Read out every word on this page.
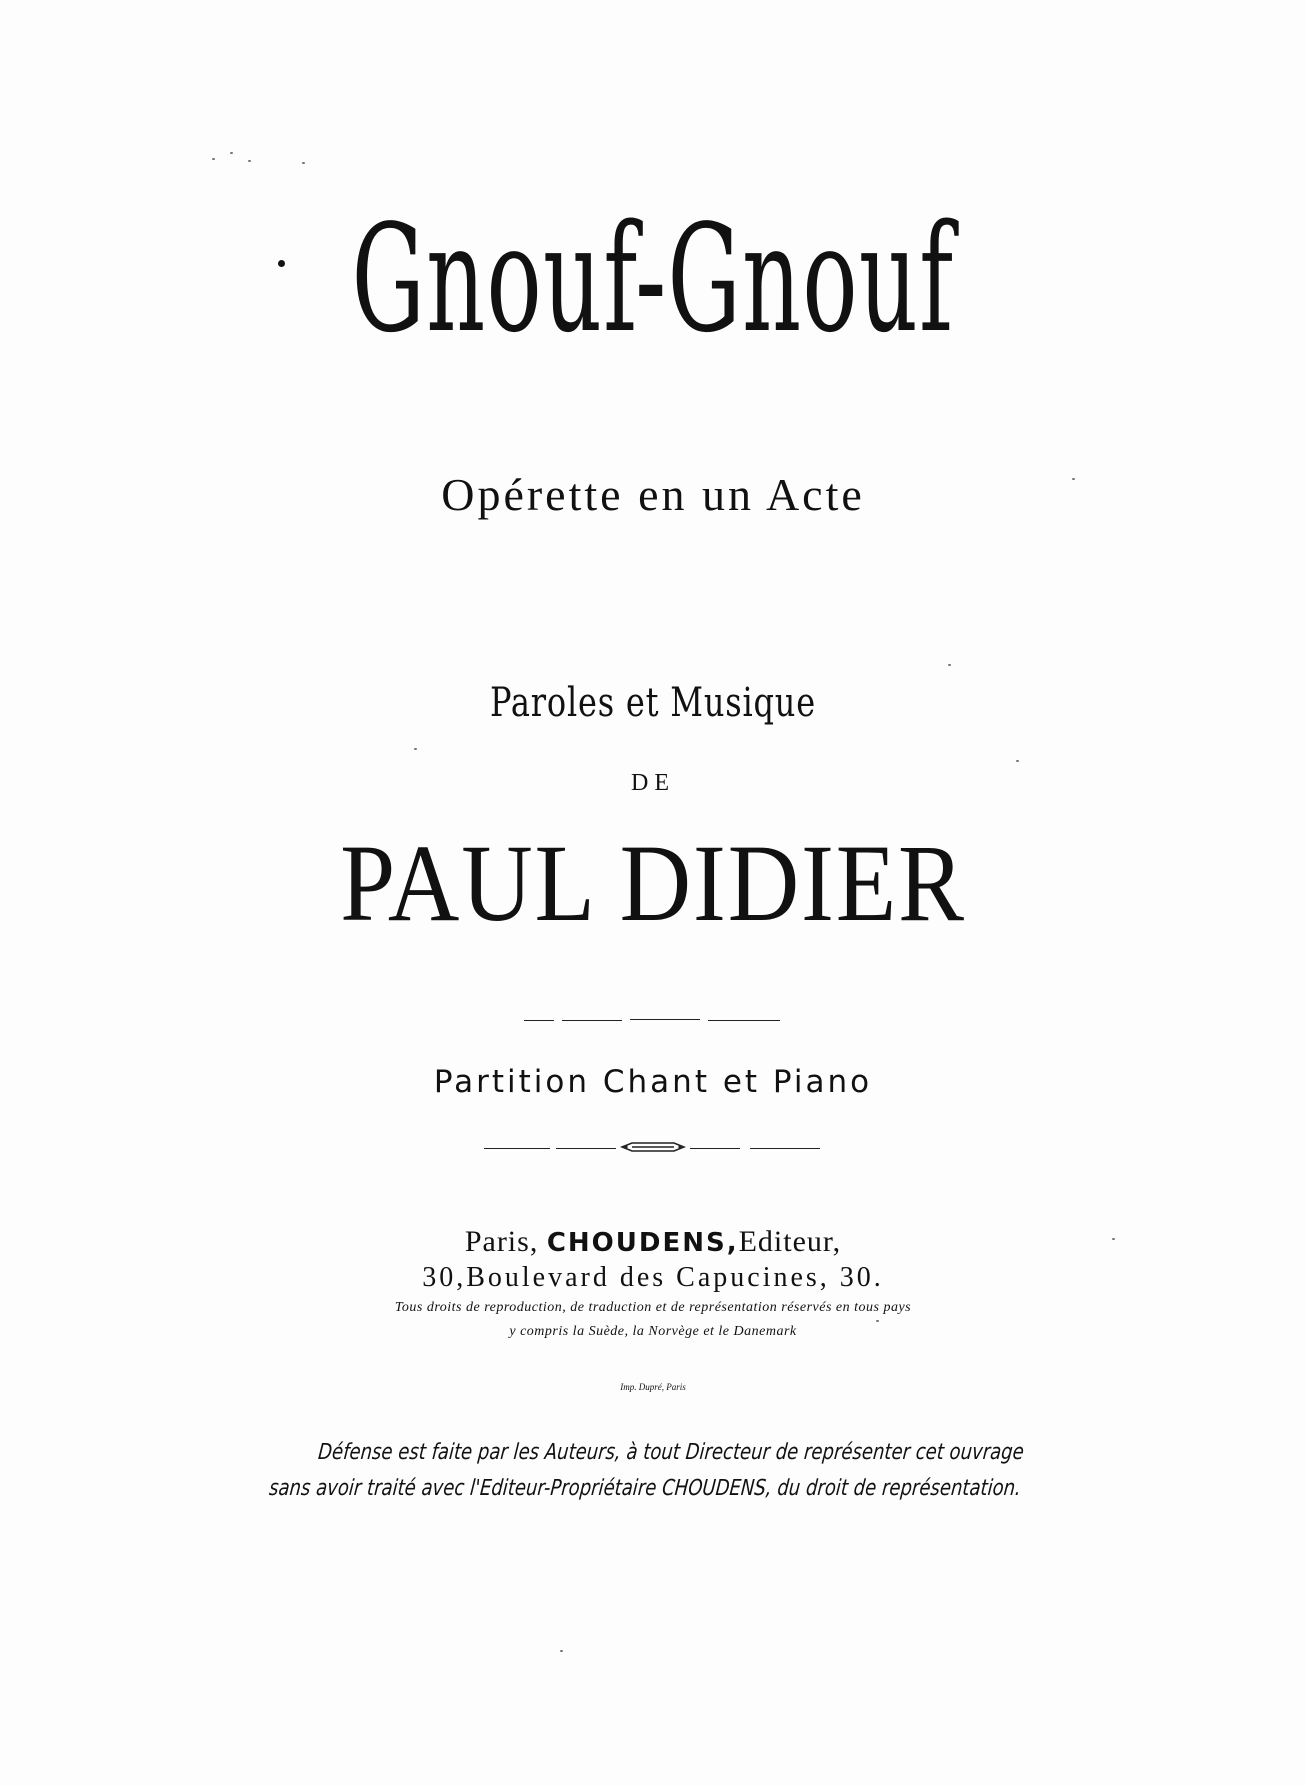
Gnouf-Gnouf
Opérette en un Acte
Paroles et Musique
DE
PAUL DIDIER
Partition Chant et Piano
Paris, CHOUDENS,Editeur,
30,Boulevard des Capucines, 30.
Tous droits de reproduction, de traduction et de représentation réservés en tous pays
y compris la Suède, la Norvège et le Danemark
Imp. Dupré, Paris
Défense est faite par les Auteurs, à tout Directeur de représenter cet ouvrage
sans avoir traité avec l'Editeur-Propriétaire CHOUDENS, du droit de représentation.
